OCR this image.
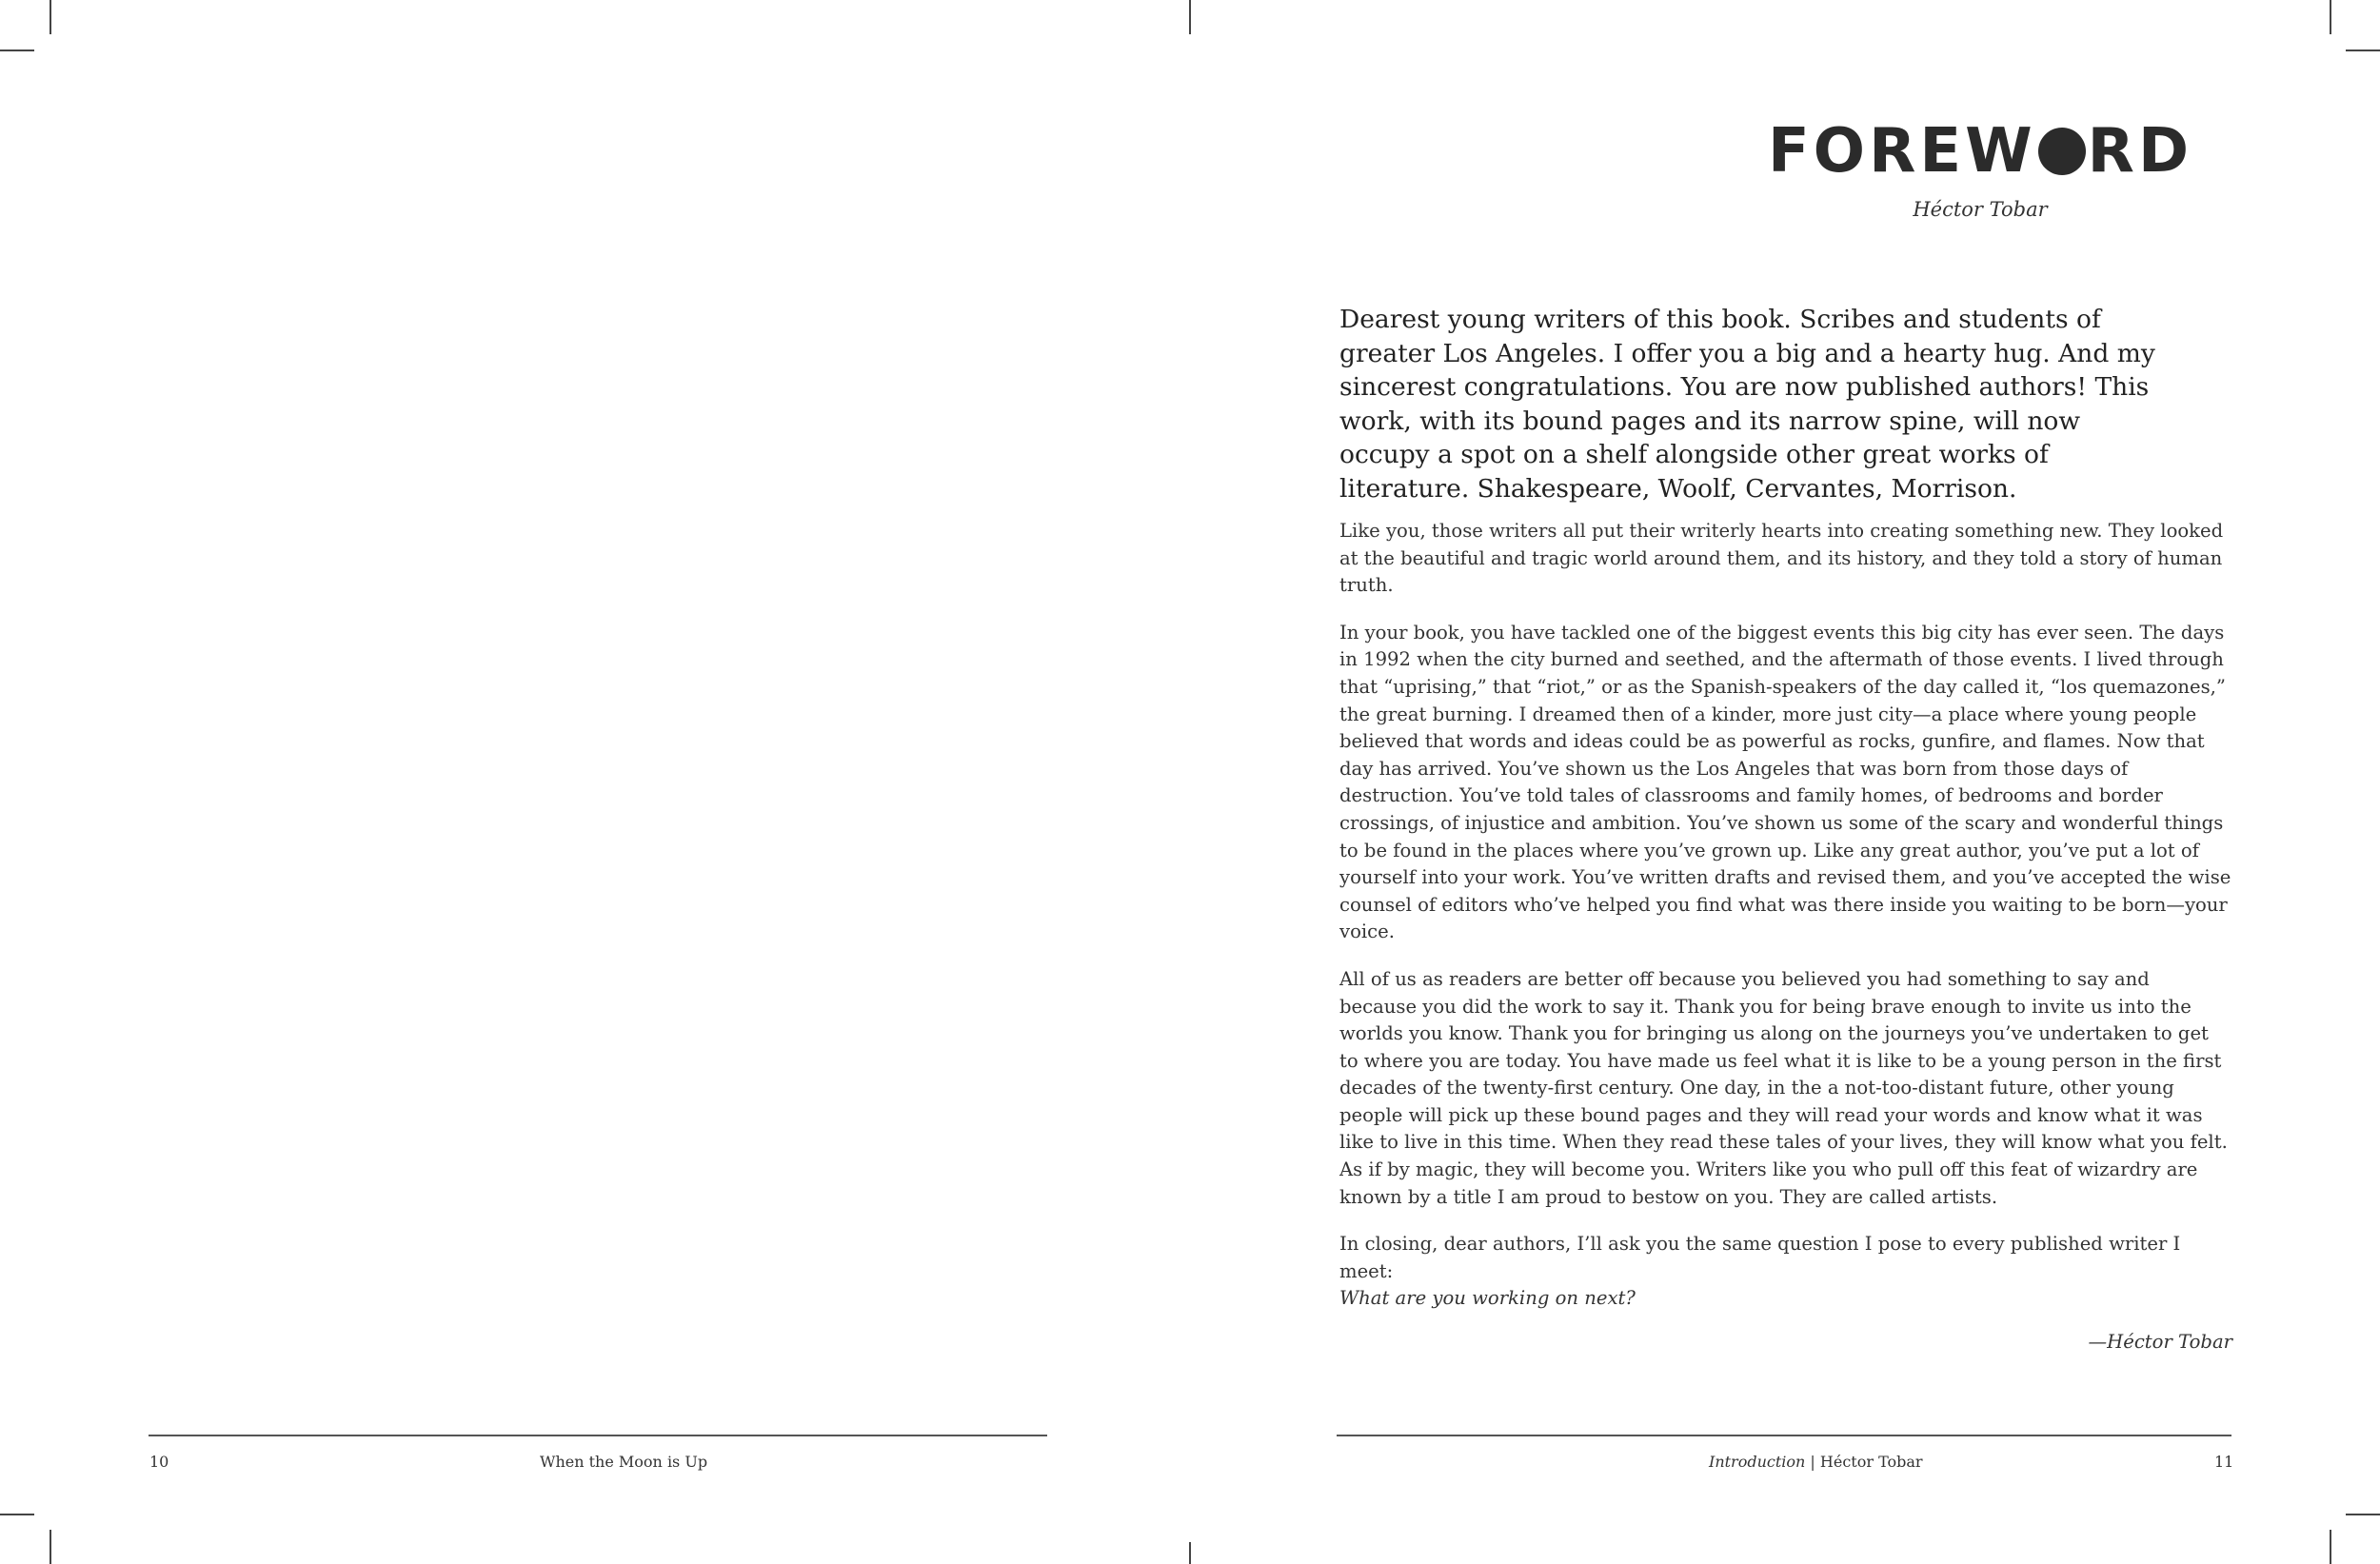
FOREW RD
Héctor Tobar
Dearest young writers of this book. Scribes and students of greater Los Angeles. I offer you a big and a hearty hug. And my sincerest congratulations. You are now published authors! This work, with its bound pages and its narrow spine, will now occupy a spot on a shelf alongside other great works of literature. Shakespeare, Woolf, Cervantes, Morrison.

Like you, those writers all put their writerly hearts into creating something new. They looked at the beautiful and tragic world around them, and its history, and they told a story of human truth.

In your book, you have tackled one of the biggest events this big city has ever seen. The days in 1992 when the city burned and seethed, and the aftermath of those events. I lived through that “uprising,” that “riot,” or as the Spanish-speakers of the day called it, “los quemazones,” the great burning. I dreamed then of a kinder, more just city—a place where young people believed that words and ideas could be as powerful as rocks, gunfire, and flames. Now that day has arrived. You’ve shown us the Los Angeles that was born from those days of destruction. You’ve told tales of classrooms and family homes, of bedrooms and border crossings, of injustice and ambition. You’ve shown us some of the scary and wonderful things to be found in the places where you’ve grown up. Like any great author, you’ve put a lot of yourself into your work. You’ve written drafts and revised them, and you’ve accepted the wise counsel of editors who’ve helped you find what was there inside you waiting to be born—your voice.

All of us as readers are better off because you believed you had something to say and because you did the work to say it. Thank you for being brave enough to invite us into the worlds you know. Thank you for bringing us along on the journeys you’ve undertaken to get to where you are today. You have made us feel what it is like to be a young person in the first decades of the twenty-first century. One day, in the a not-too-distant future, other young people will pick up these bound pages and they will read your words and know what it was like to live in this time. When they read these tales of your lives, they will know what you felt. As if by magic, they will become you. Writers like you who pull off this feat of wizardry are known by a title I am proud to bestow on you. They are called artists.

In closing, dear authors, I’ll ask you the same question I pose to every published writer I meet:
What are you working on next?

—Héctor Tobar
10	When the Moon is Up	Introduction | Héctor Tobar	11
